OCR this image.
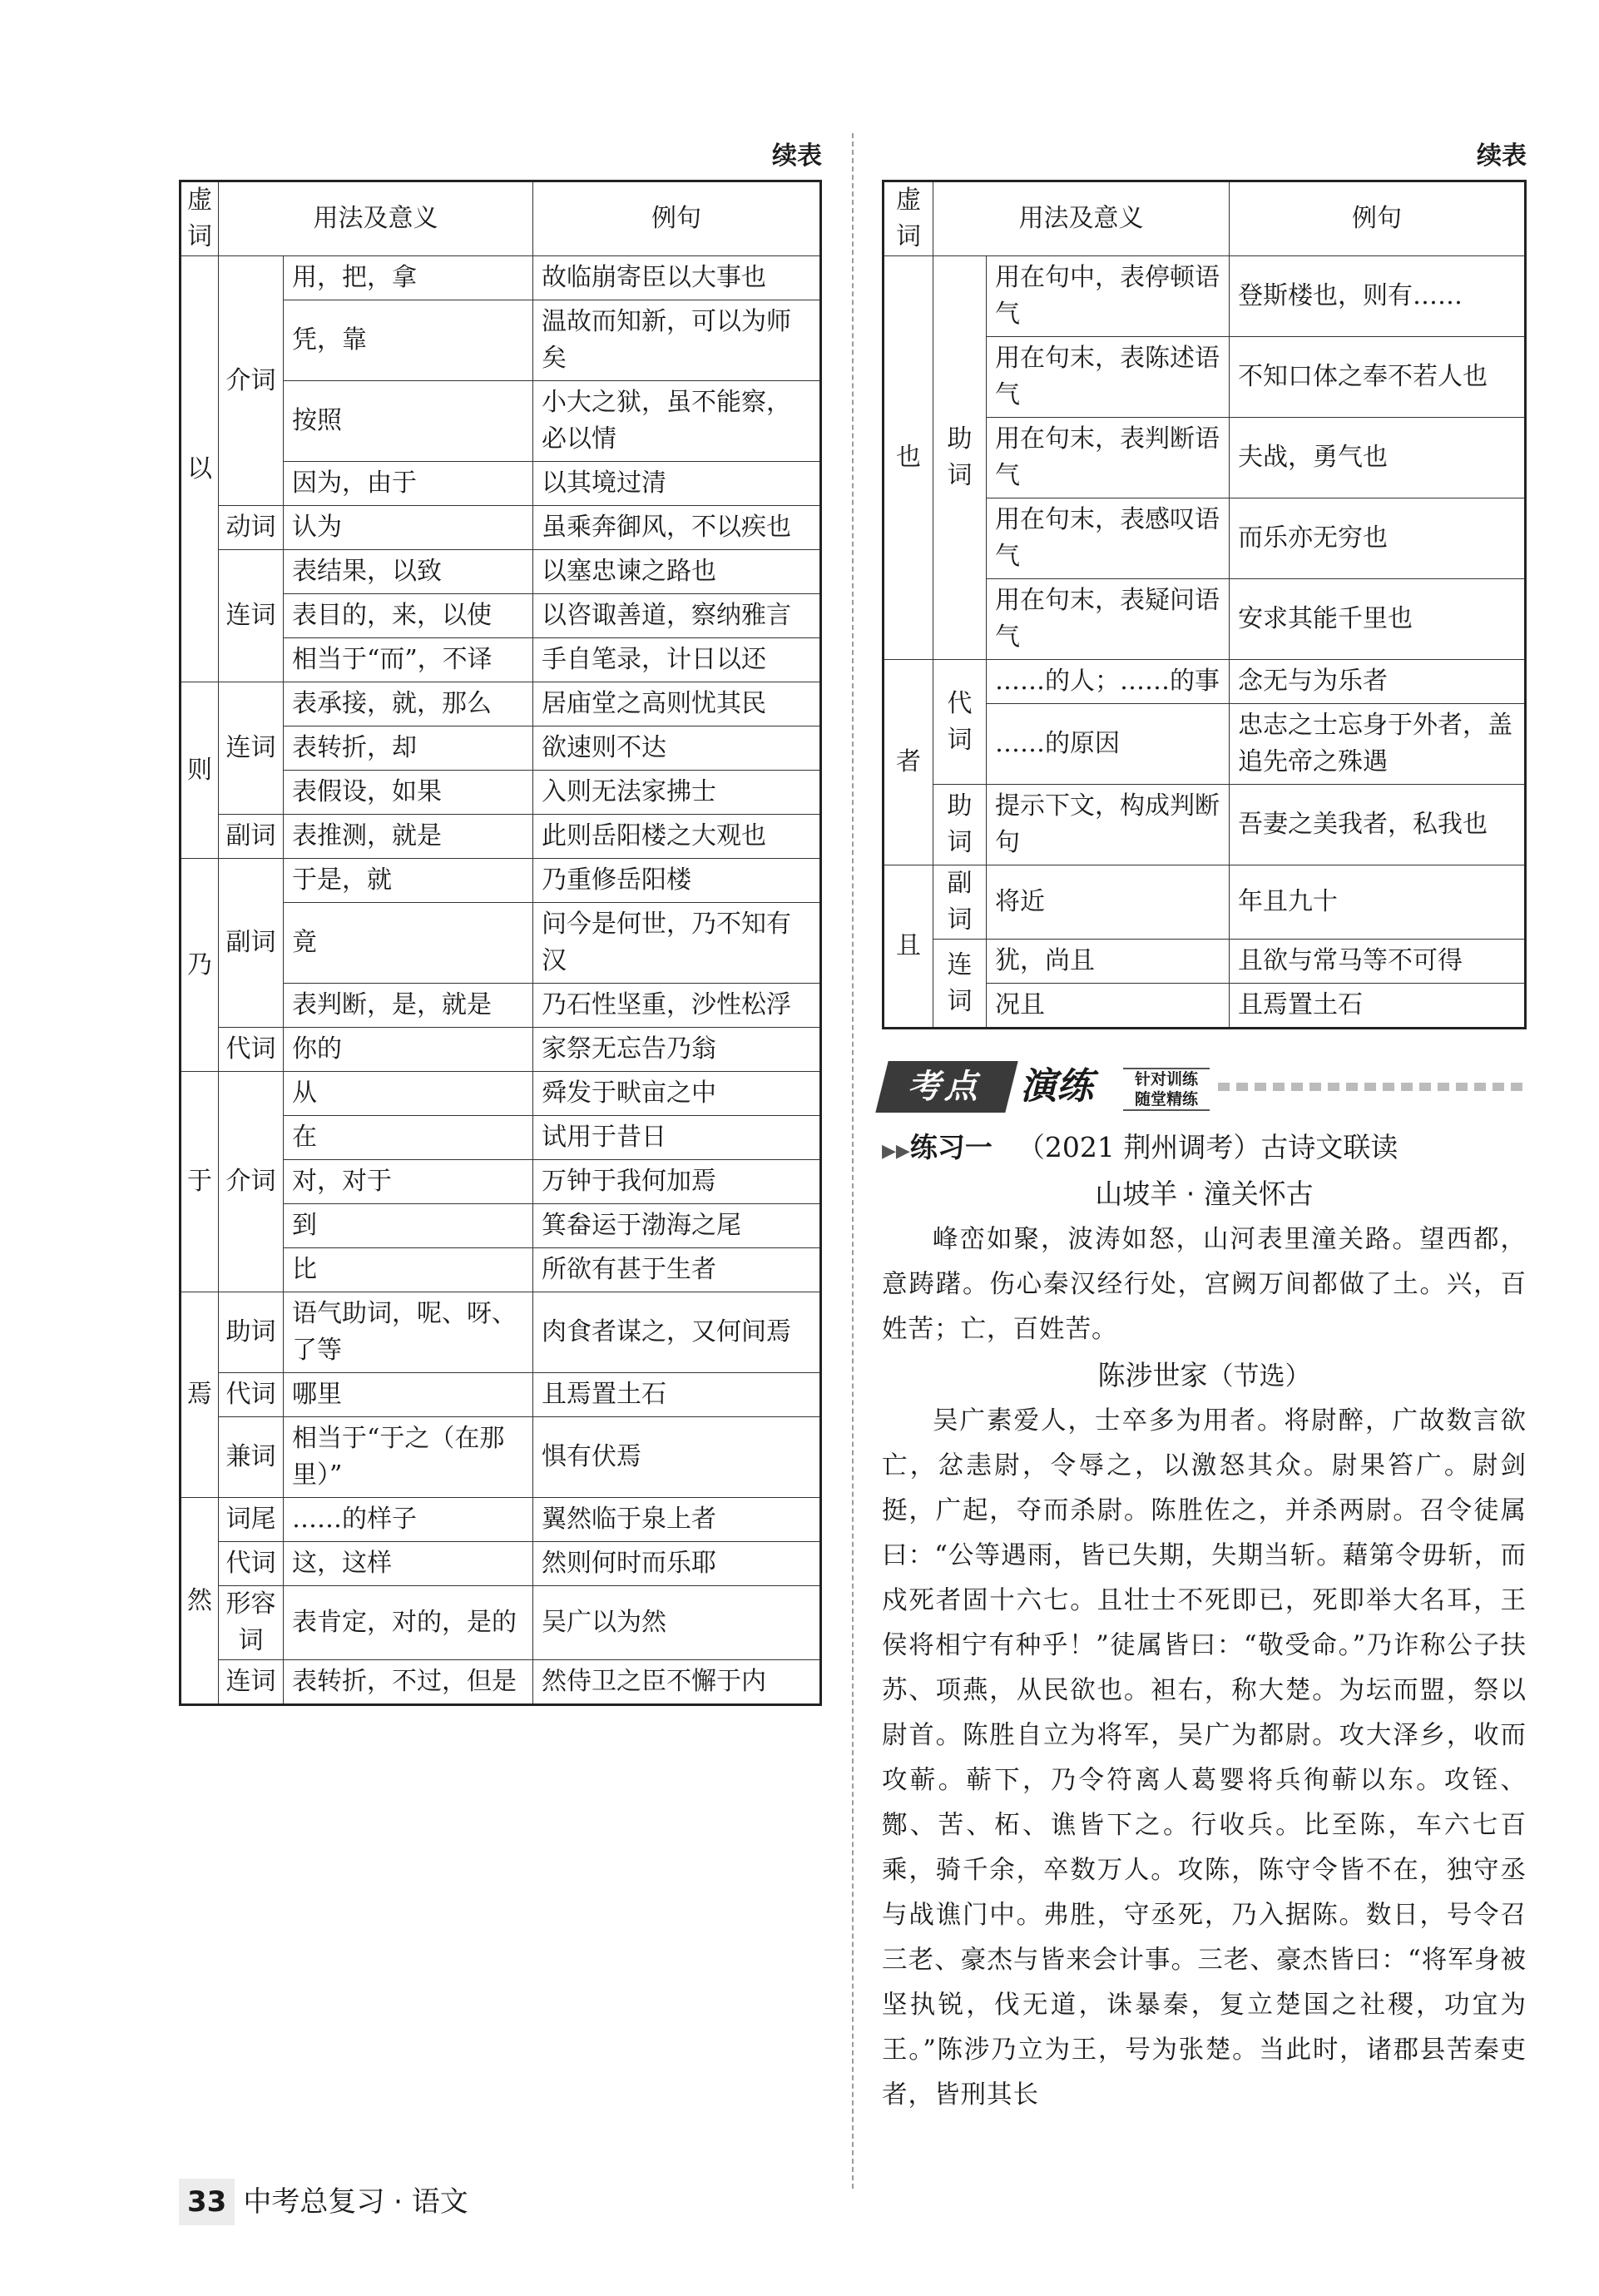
续表
虚词	用法及意义		例句
以	介词	用，把，拿	故临崩寄臣以大事也
		凭，靠	温故而知新，可以为师矣
		按照	小大之狱，虽不能察，必以情
		因为，由于	以其境过清
	动词	认为	虽乘奔御风，不以疾也
	连词	表结果，以致	以塞忠谏之路也
		表目的，来，以使	以咨诹善道，察纳雅言
		相当于“而”，不译	手自笔录，计日以还
则	连词	表承接，就，那么	居庙堂之高则忧其民
		表转折，却	欲速则不达
		表假设，如果	入则无法家拂士
	副词	表推测，就是	此则岳阳楼之大观也
乃	副词	于是，就	乃重修岳阳楼
		竟	问今是何世，乃不知有汉
		表判断，是，就是	乃石性坚重，沙性松浮
	代词	你的	家祭无忘告乃翁
于	介词	从	舜发于畎亩之中
		在	试用于昔日
		对，对于	万钟于我何加焉
		到	箕畚运于渤海之尾
		比	所欲有甚于生者
焉	助词	语气助词，呢、呀、了等	肉食者谋之，又何间焉
	代词	哪里	且焉置土石
	兼词	相当于“于之（在那里）”	惧有伏焉
然	词尾	……的样子	翼然临于泉上者
	代词	这，这样	然则何时而乐耶
	形容词	表肯定，对的，是的	吴广以为然
	连词	表转折，不过，但是	然侍卫之臣不懈于内
续表
虚词	用法及意义		例句
也	助词	用在句中，表停顿语气	登斯楼也，则有……
		用在句末，表陈述语气	不知口体之奉不若人也
		用在句末，表判断语气	夫战，勇气也
		用在句末，表感叹语气	而乐亦无穷也
		用在句末，表疑问语气	安求其能千里也
者	代词	……的人；……的事	念无与为乐者
		……的原因	忠志之士忘身于外者，盖追先帝之殊遇
	助词	提示下文，构成判断句	吾妻之美我者，私我也
且	副词	将近	年且九十
	连词	犹，尚且	且欲与常马等不可得
		况且	且焉置土石
考点 演练	针对训练
随堂精练
▶▶练习一 （2021 荆州调考）古诗文联读
山坡羊 · 潼关怀古

峰峦如聚，波涛如怒，山河表里潼关路。望西都，意踌躇。伤心秦汉经行处，宫阙万间都做了土。兴，百姓苦；亡，百姓苦。

陈涉世家（节选）

吴广素爱人，士卒多为用者。将尉醉，广故数言欲亡，忿恚尉，令辱之，以激怒其众。尉果笞广。尉剑挺，广起，夺而杀尉。陈胜佐之，并杀两尉。召令徒属曰：“公等遇雨，皆已失期，失期当斩。藉第令毋斩，而戍死者固十六七。且壮士不死即已，死即举大名耳，王侯将相宁有种乎！”徒属皆曰：“敬受命。”乃诈称公子扶苏、项燕，从民欲也。袒右，称大楚。为坛而盟，祭以尉首。陈胜自立为将军，吴广为都尉。攻大泽乡，收而攻蕲。蕲下，乃令符离人葛婴将兵徇蕲以东。攻铚、酂、苦、柘、谯皆下之。行收兵。比至陈，车六七百乘，骑千余，卒数万人。攻陈，陈守令皆不在，独守丞与战谯门中。弗胜，守丞死，乃入据陈。数日，号令召三老、豪杰与皆来会计事。三老、豪杰皆曰：“将军身被坚执锐，伐无道，诛暴秦，复立楚国之社稷，功宜为王。”陈涉乃立为王，号为张楚。当此时，诸郡县苦秦吏者，皆刑其长

33 中考总复习 · 语文
